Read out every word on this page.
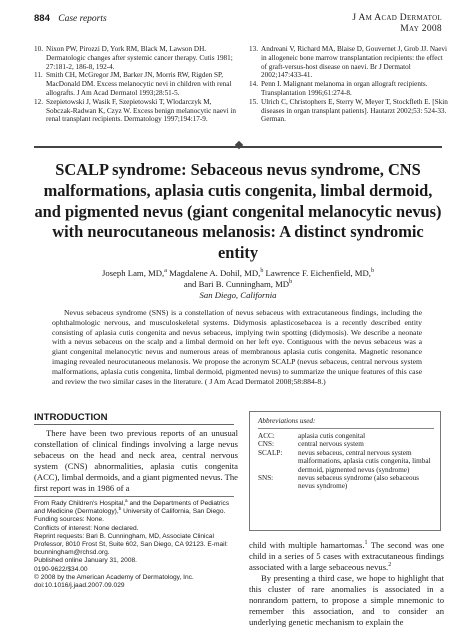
884 Case reports	J Am Acad Dermatol
May 2008
10. Nixon PW, Pirozzi D, York RM, Black M, Lawson DH. Dermatologic changes after systemic cancer therapy. Cutis 1981; 27:181-2, 186-8, 192-4.
11. Smith CH, McGregor JM, Barker JN, Morris RW, Rigden SP, MacDonald DM. Excess melanocytic nevi in children with renal allografts. J Am Acad Dermatol 1993;28:51-5.
12. Szepietowski J, Wasik F, Szepietowski T, Wlodarczyk M, Sobczak-Radwan K, Czyz W. Excess benign melanocytic naevi in renal transplant recipients. Dermatology 1997;194:17-9.
13. Andreani V, Richard MA, Blaise D, Gouvernet J, Grob JJ. Naevi in allogeneic bone marrow transplantation recipients: the effect of graft-versus-host disease on naevi. Br J Dermatol 2002;147:433-41.
14. Penn I. Malignant melanoma in organ allograft recipients. Transplantation 1996;61:274-8.
15. Ulrich C, Christophers E, Sterry W, Meyer T, Stockfleth E. [Skin diseases in organ transplant patients]. Hautarzt 2002;53: 524-33. German.
SCALP syndrome: Sebaceous nevus syndrome, CNS malformations, aplasia cutis congenita, limbal dermoid, and pigmented nevus (giant congenital melanocytic nevus) with neurocutaneous melanosis: A distinct syndromic entity
Joseph Lam, MD,$^a$ Magdalene A. Dohil, MD,$^b$ Lawrence F. Eichenfield, MD,$^b$
and Bari B. Cunningham, $MD^b$
San Diego, California
Nevus sebaceus syndrome (SNS) is a constellation of nevus sebaceus with extracutaneous findings, including the ophthalmologic nervous, and musculoskeletal systems. Didymosis aplasticosebacea is a recently described entity consisting of aplasia cutis congenita and nevus sebaceus, implying twin spotting (didymosis). We describe a neonate with a nevus sebaceus on the scalp and a limbal dermoid on her left eye. Contiguous with the nevus sebaceus was a giant congenital melanocytic nevus and numerous areas of membranous aplasia cutis congenita. Magnetic resonance imaging revealed neurocutaneous melanosis. We propose the acronym SCALP (nevus sebaceus, central nervous system malformations, aplasia cutis congenita, limbal dermoid, pigmented nevus) to summarize the unique features of this case and review the two similar cases in the literature. ( J Am Acad Dermatol 2008;58:884-8.)
INTRODUCTION
There have been two previous reports of an unusual constellation of clinical findings involving a large nevus sebaceus on the head and neck area, central nervous system (CNS) abnormalities, aplasia cutis congenita (ACC), limbal dermoids, and a giant pigmented nevus. The first report was in 1986 of a
Abbreviations used:
ACC:	aplasia cutis congenital
CNS:	central nervous system
SCALP:	nevus sebaceus, central nervous system malformations, aplasia cutis congenita, limbal dermoid, pigmented nevus (syndrome)
SNS:	nevus sebaceus syndrome (also sebaceous nevus syndrome)
From Rady Children's Hospital,$^a$ and the Departments of Pediatrics and Medicine (Dermatology),$^b$ University of California, San Diego.
Funding sources: None.
Conflicts of interest: None declared.
Reprint requests: Bari B. Cunningham, MD, Associate Clinical Professor, 8010 Frost St, Suite 602, San Diego, CA 92123. E-mail: bcunningham@rchsd.org.
Published online January 31, 2008.
0190-9622/$34.00
© 2008 by the American Academy of Dermatology, Inc.
doi:10.1016/j.jaad.2007.09.029

child with multiple hamartomas.$^1$ The second was one child in a series of 5 cases with extracutaneous findings associated with a large sebaceous nevus.$^2$

By presenting a third case, we hope to highlight that this cluster of rare anomalies is associated in a nonrandom pattern, to propose a simple mnemonic to remember this association, and to consider an underlying genetic mechanism to explain the
